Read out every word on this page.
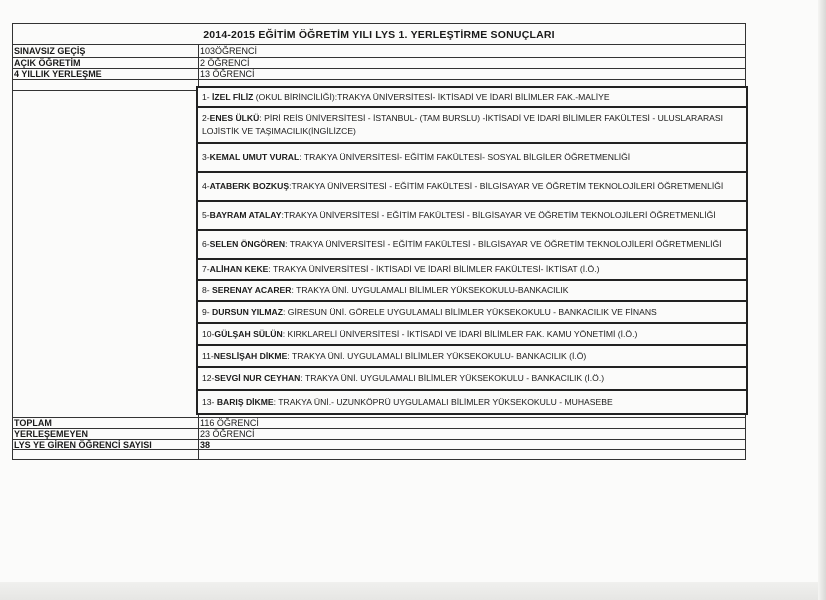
2014-2015 EĞİTİM ÖĞRETİM YILI LYS 1. YERLEŞTİRME SONUÇLARI
SINAVSIZ GEÇİŞ	103ÖĞRENCİ
AÇIK ÖĞRETİM	2 ÖĞRENCİ
4 YILLIK YERLEŞME	13 ÖĞRENCİ
1- İZEL FİLİZ (OKUL BİRİNCİLİĞİ):TRAKYA ÜNİVERSİTESİ- İKTİSADİ VE İDARİ BİLİMLER FAK.-MALİYE
2-ENES ÜLKÜ: PİRİ REİS ÜNİVERSİTESİ - İSTANBUL- (TAM BURSLU) -İKTİSADİ VE İDARİ BİLİMLER FAKÜLTESİ - ULUSLARARASI LOJİSTİK VE TAŞIMACILIK(İNGİLİZCE)
3-KEMAL UMUT VURAL: TRAKYA ÜNİVERSİTESİ- EĞİTİM FAKÜLTESİ- SOSYAL BİLGİLER ÖĞRETMENLİĞİ
4-ATABERK BOZKUŞ:TRAKYA ÜNİVERSİTESİ - EĞİTİM FAKÜLTESİ - BİLGİSAYAR VE ÖĞRETİM TEKNOLOJİLERİ ÖĞRETMENLİĞİ
5-BAYRAM ATALAY:TRAKYA ÜNİVERSİTESİ - EĞİTİM FAKÜLTESİ - BİLGİSAYAR VE ÖĞRETİM TEKNOLOJİLERİ ÖĞRETMENLİĞİ
6-SELEN ÖNGÖREN: TRAKYA ÜNİVERSİTESİ - EĞİTİM FAKÜLTESİ - BİLGİSAYAR VE ÖĞRETİM TEKNOLOJİLERİ ÖĞRETMENLİĞİ
7-ALİHAN KEKE: TRAKYA ÜNİVERSİTESİ - İKTİSADİ VE İDARİ BİLİMLER FAKÜLTESİ- İKTİSAT (İ.Ö.)
8- SERENAY ACARER: TRAKYA ÜNİ. UYGULAMALI BİLİMLER YÜKSEKOKULU-BANKACILIK
9- DURSUN YILMAZ: GİRESUN ÜNİ. GÖRELE UYGULAMALI BİLİMLER YÜKSEKOKULU - BANKACILIK VE FİNANS
10-GÜLŞAH SÜLÜN: KIRKLARELİ ÜNİVERSİTESİ - İKTİSADİ VE İDARİ BİLİMLER FAK. KAMU YÖNETİMİ (İ.Ö.)
11-NESLİŞAH DİKME: TRAKYA ÜNİ. UYGULAMALI BİLİMLER YÜKSEKOKULU- BANKACILIK (İ.Ö)
12-SEVGİ NUR CEYHAN: TRAKYA ÜNİ. UYGULAMALI BİLİMLER YÜKSEKOKULU - BANKACILIK (İ.Ö.)
13- BARIŞ DİKME: TRAKYA ÜNİ.- UZUNKÖPRÜ UYGULAMALI BİLİMLER YÜKSEKOKULU - MUHASEBE
TOPLAM	116 ÖĞRENCİ
YERLEŞEMEYEN	23 ÖĞRENCİ
LYS YE GİREN ÖĞRENCİ SAYISI	38
